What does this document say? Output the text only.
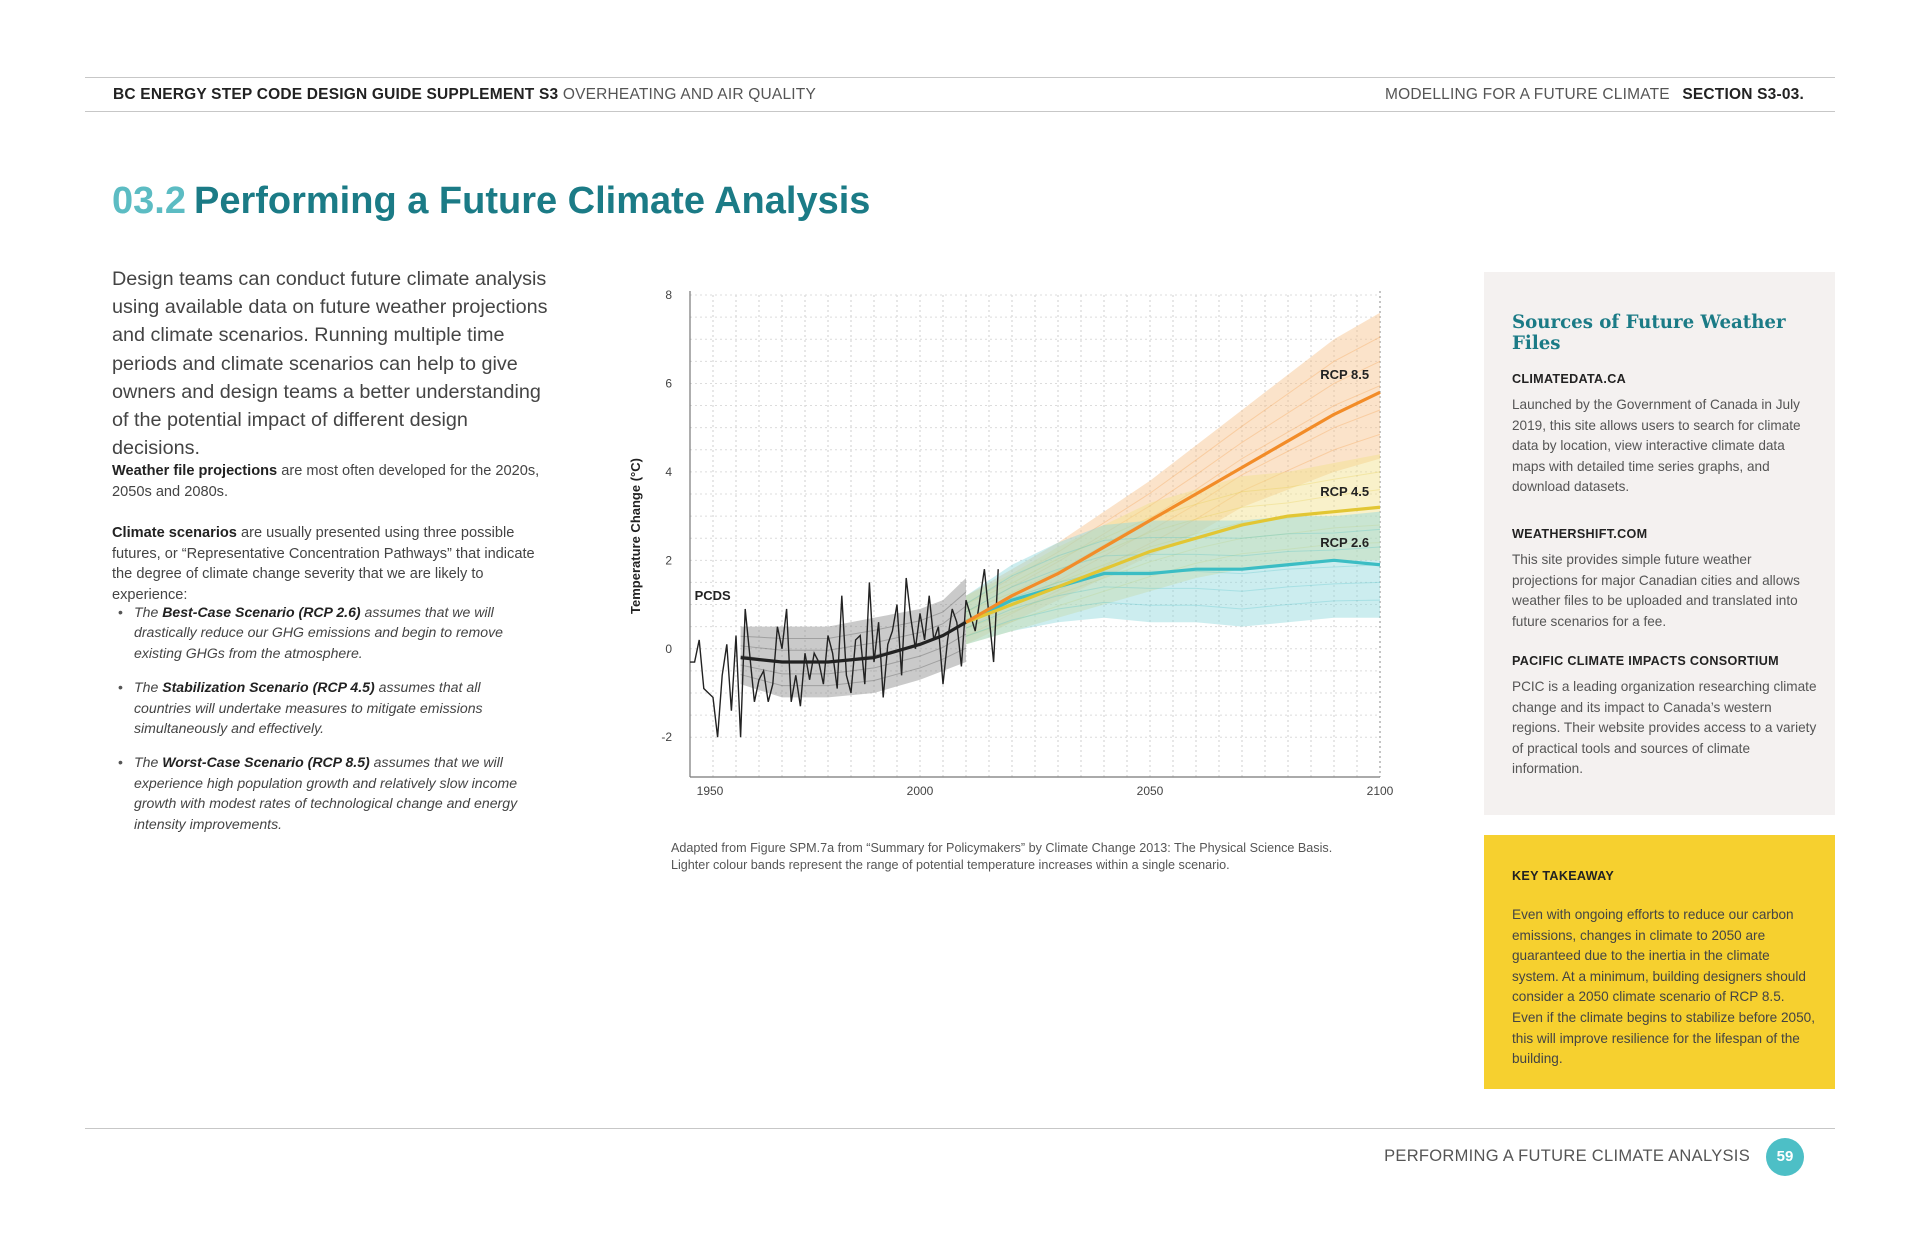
BC ENERGY STEP CODE DESIGN GUIDE SUPPLEMENT S3 OVERHEATING AND AIR QUALITY	MODELLING FOR A FUTURE CLIMATE SECTION S3-03.
03.2 Performing a Future Climate Analysis
Design teams can conduct future climate analysis using available data on future weather projections and climate scenarios. Running multiple time periods and climate scenarios can help to give owners and design teams a better understanding of the potential impact of different design decisions.
Weather file projections are most often developed for the 2020s, 2050s and 2080s.
Climate scenarios are usually presented using three possible futures, or “Representative Concentration Pathways” that indicate the degree of climate change severity that we are likely to experience:
• The Best-Case Scenario (RCP 2.6) assumes that we will drastically reduce our GHG emissions and begin to remove existing GHGs from the atmosphere.
• The Stabilization Scenario (RCP 4.5) assumes that all countries will undertake measures to mitigate emissions simultaneously and effectively.
• The Worst-Case Scenario (RCP 8.5) assumes that we will experience high population growth and relatively slow income growth with modest rates of technological change and energy intensity improvements.
8
6
4
2
0
-2
1950	2000	2050	2100
Temperature Change (°C)
RCP 8.5
RCP 4.5
RCP 2.6
PCDS
Adapted from Figure SPM.7a from “Summary for Policymakers” by Climate Change 2013: The Physical Science Basis.
Lighter colour bands represent the range of potential temperature increases within a single scenario.
Sources of Future Weather Files
CLIMATEDATA.CA
Launched by the Government of Canada in July 2019, this site allows users to search for climate data by location, view interactive climate data maps with detailed time series graphs, and download datasets.
WEATHERSHIFT.COM
This site provides simple future weather projections for major Canadian cities and allows weather files to be uploaded and translated into future scenarios for a fee.
PACIFIC CLIMATE IMPACTS CONSORTIUM
PCIC is a leading organization researching climate change and its impact to Canada’s western regions. Their website provides access to a variety of practical tools and sources of climate information.
KEY TAKEAWAY
Even with ongoing efforts to reduce our carbon emissions, changes in climate to 2050 are guaranteed due to the inertia in the climate system. At a minimum, building designers should consider a 2050 climate scenario of RCP 8.5. Even if the climate begins to stabilize before 2050, this will improve resilience for the lifespan of the building.
PERFORMING A FUTURE CLIMATE ANALYSIS	59
